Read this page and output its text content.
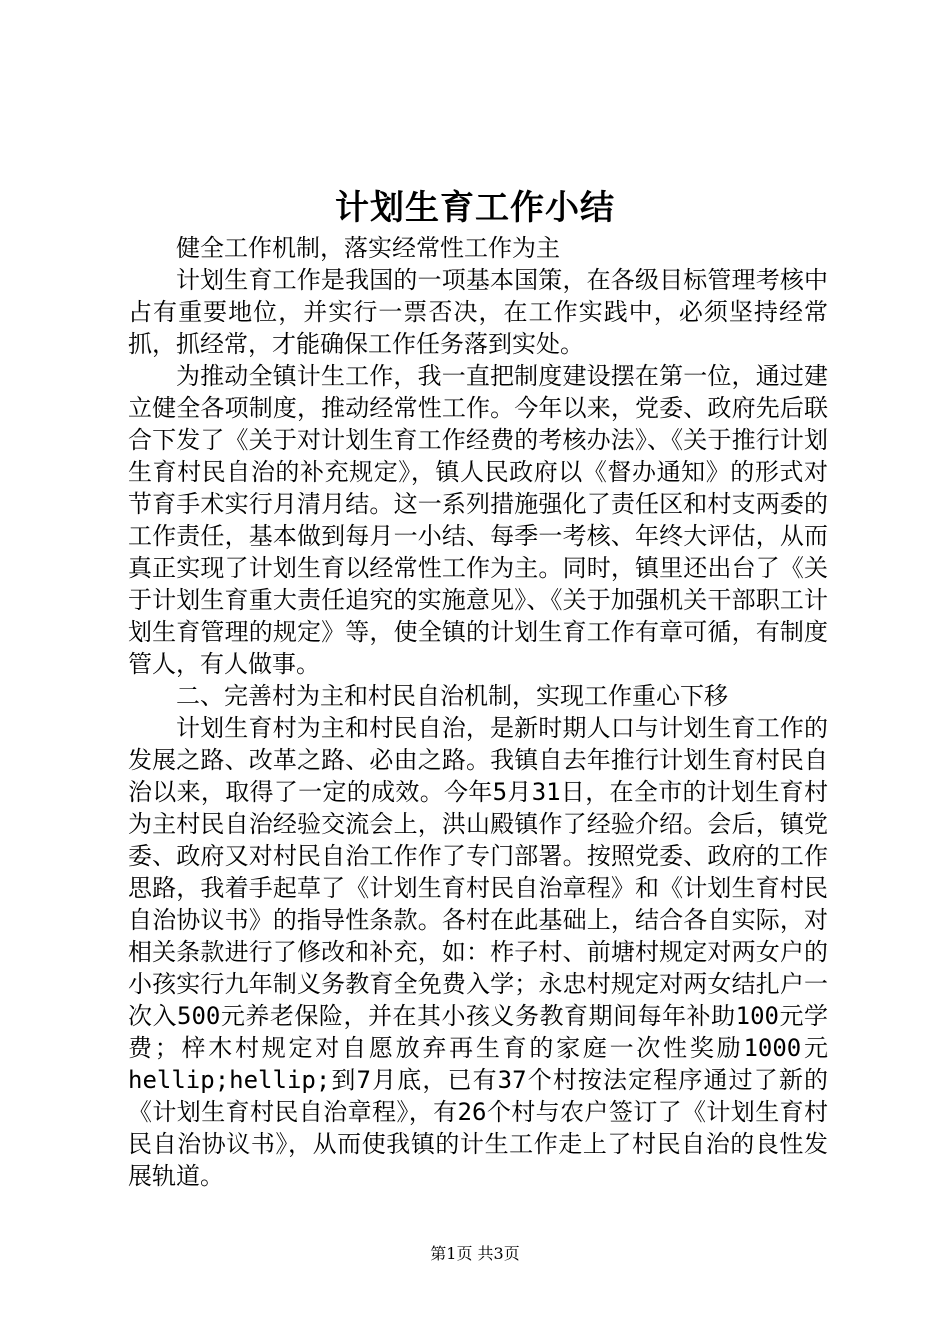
计划生育工作小结

健全工作机制，落实经常性工作为主

计划生育工作是我国的一项基本国策，在各级目标管理考核中占有重要地位，并实行一票否决，在工作实践中，必须坚持经常抓，抓经常，才能确保工作任务落到实处。

为推动全镇计生工作，我一直把制度建设摆在第一位，通过建立健全各项制度，推动经常性工作。今年以来，党委、政府先后联合下发了《关于对计划生育工作经费的考核办法》、《关于推行计划生育村民自治的补充规定》，镇人民政府以《督办通知》的形式对节育手术实行月清月结。这一系列措施强化了责任区和村支两委的工作责任，基本做到每月一小结、每季一考核、年终大评估，从而真正实现了计划生育以经常性工作为主。同时，镇里还出台了《关于计划生育重大责任追究的实施意见》、《关于加强机关干部职工计划生育管理的规定》等，使全镇的计划生育工作有章可循，有制度管人，有人做事。

二、完善村为主和村民自治机制，实现工作重心下移

计划生育村为主和村民自治，是新时期人口与计划生育工作的发展之路、改革之路、必由之路。我镇自去年推行计划生育村民自治以来，取得了一定的成效。今年5月31日，在全市的计划生育村为主村民自治经验交流会上，洪山殿镇作了经验介绍。会后，镇党委、政府又对村民自治工作作了专门部署。按照党委、政府的工作思路，我着手起草了《计划生育村民自治章程》和《计划生育村民自治协议书》的指导性条款。各村在此基础上，结合各自实际，对相关条款进行了修改和补充，如：柞子村、前塘村规定对两女户的小孩实行九年制义务教育全免费入学；永忠村规定对两女结扎户一次入500元养老保险，并在其小孩义务教育期间每年补助100元学费；梓木村规定对自愿放弃再生育的家庭一次性奖励1000元hellip;hellip;到7月底，已有37个村按法定程序通过了新的《计划生育村民自治章程》，有26个村与农户签订了《计划生育村民自治协议书》，从而使我镇的计生工作走上了村民自治的良性发展轨道。

第1页 共3页
